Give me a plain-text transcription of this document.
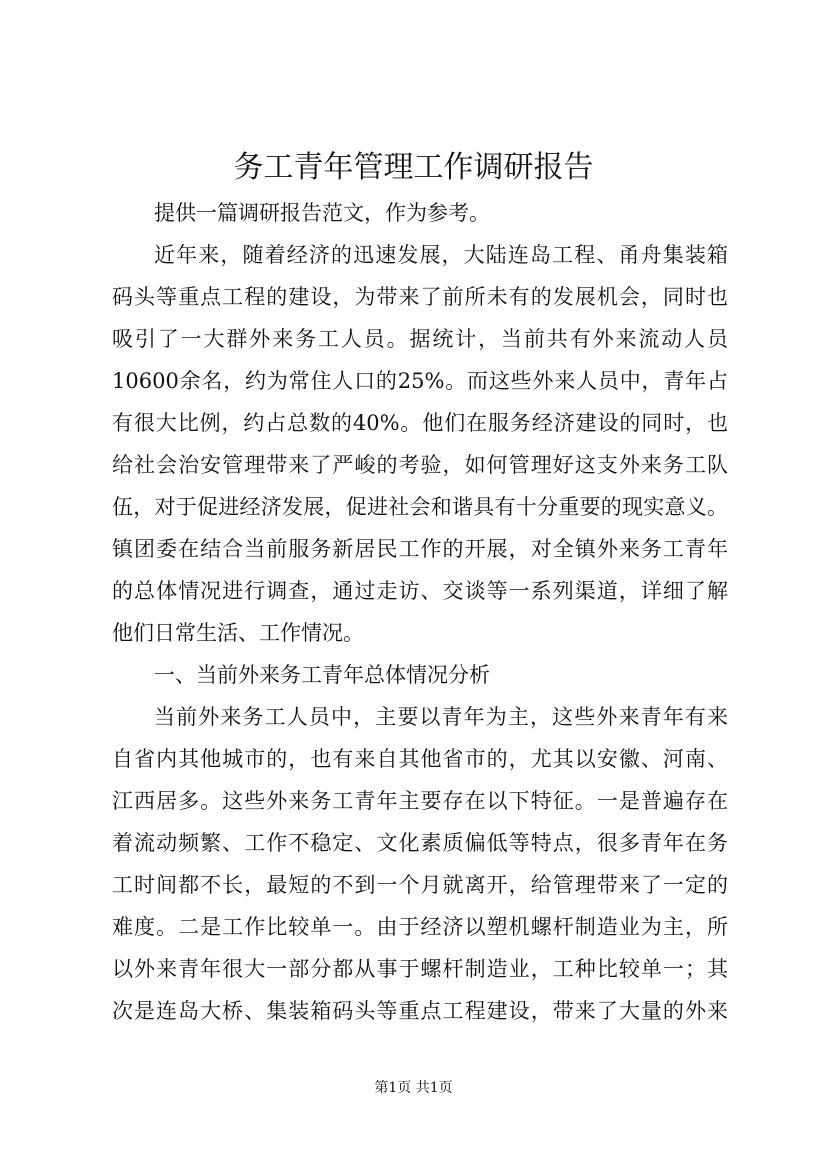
务工青年管理工作调研报告

提供一篇调研报告范文，作为参考。

近年来，随着经济的迅速发展，大陆连岛工程、甬舟集装箱

码头等重点工程的建设，为带来了前所未有的发展机会，同时也

吸引了一大群外来务工人员。据统计，当前共有外来流动人员

10600余名，约为常住人口的25%。而这些外来人员中，青年占

有很大比例，约占总数的40%。他们在服务经济建设的同时，也

给社会治安管理带来了严峻的考验，如何管理好这支外来务工队

伍，对于促进经济发展，促进社会和谐具有十分重要的现实意义。

镇团委在结合当前服务新居民工作的开展，对全镇外来务工青年

的总体情况进行调查，通过走访、交谈等一系列渠道，详细了解

他们日常生活、工作情况。

一、当前外来务工青年总体情况分析

当前外来务工人员中，主要以青年为主，这些外来青年有来

自省内其他城市的，也有来自其他省市的，尤其以安徽、河南、

江西居多。这些外来务工青年主要存在以下特征。一是普遍存在

着流动频繁、工作不稳定、文化素质偏低等特点，很多青年在务

工时间都不长，最短的不到一个月就离开，给管理带来了一定的

难度。二是工作比较单一。由于经济以塑机螺杆制造业为主，所

以外来青年很大一部分都从事于螺杆制造业，工种比较单一；其

次是连岛大桥、集装箱码头等重点工程建设，带来了大量的外来

第1页 共1页
